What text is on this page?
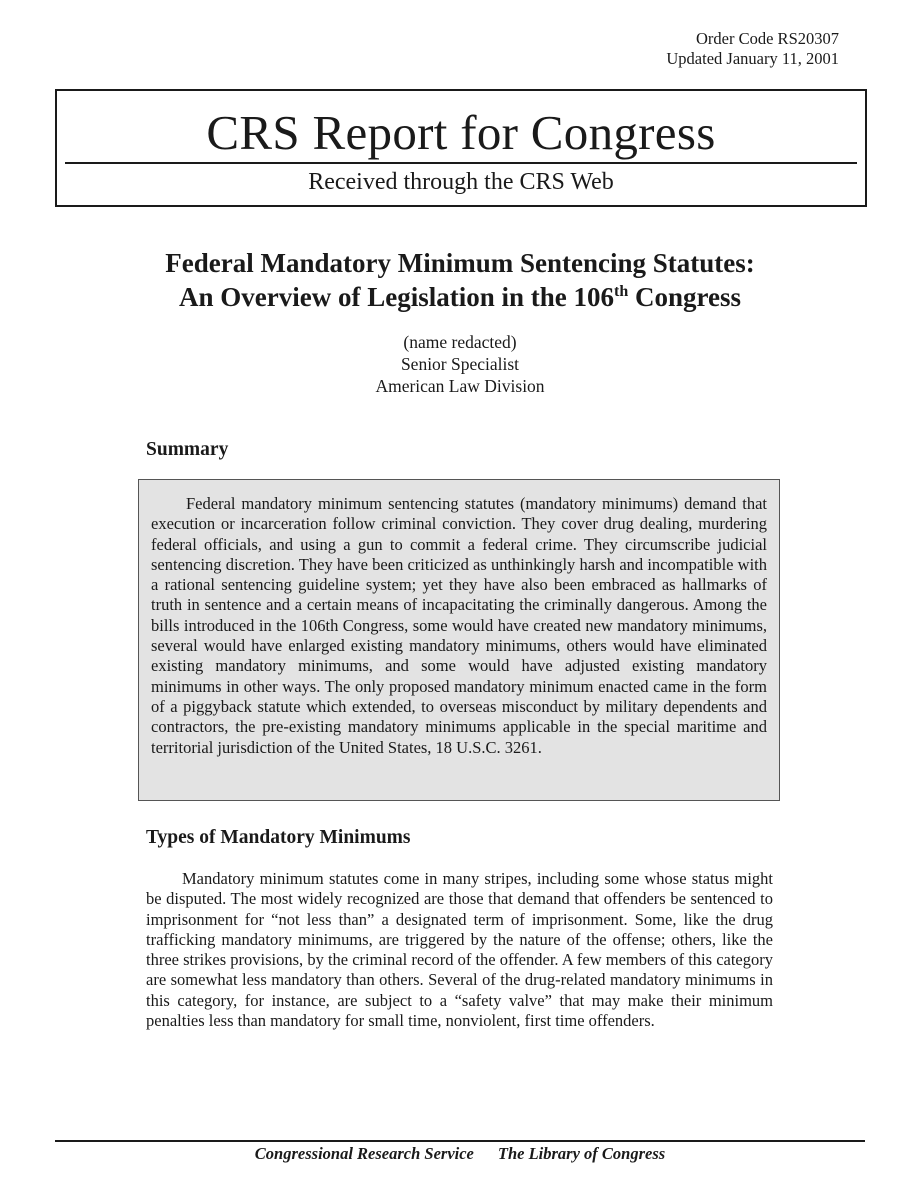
Order Code RS20307
Updated January 11, 2001
CRS Report for Congress
Received through the CRS Web
Federal Mandatory Minimum Sentencing Statutes:
An Overview of Legislation in the 106th Congress
(name redacted)
Senior Specialist
American Law Division
Summary

Federal mandatory minimum sentencing statutes (mandatory minimums) demand that execution or incarceration follow criminal conviction. They cover drug dealing, murdering federal officials, and using a gun to commit a federal crime. They circumscribe judicial sentencing discretion. They have been criticized as unthinkingly harsh and incompatible with a rational sentencing guideline system; yet they have also been embraced as hallmarks of truth in sentence and a certain means of incapacitating the criminally dangerous. Among the bills introduced in the 106th Congress, some would have created new mandatory minimums, several would have enlarged existing mandatory minimums, others would have eliminated existing mandatory minimums, and some would have adjusted existing mandatory minimums in other ways. The only proposed mandatory minimum enacted came in the form of a piggyback statute which extended, to overseas misconduct by military dependents and contractors, the pre-existing mandatory minimums applicable in the special maritime and territorial jurisdiction of the United States, 18 U.S.C. 3261.

Types of Mandatory Minimums

Mandatory minimum statutes come in many stripes, including some whose status might be disputed. The most widely recognized are those that demand that offenders be sentenced to imprisonment for “not less than” a designated term of imprisonment. Some, like the drug trafficking mandatory minimums, are triggered by the nature of the offense; others, like the three strikes provisions, by the criminal record of the offender. A few members of this category are somewhat less mandatory than others. Several of the drug-related mandatory minimums in this category, for instance, are subject to a “safety valve” that may make their minimum penalties less than mandatory for small time, nonviolent, first time offenders.

Congressional Research Service The Library of Congress
